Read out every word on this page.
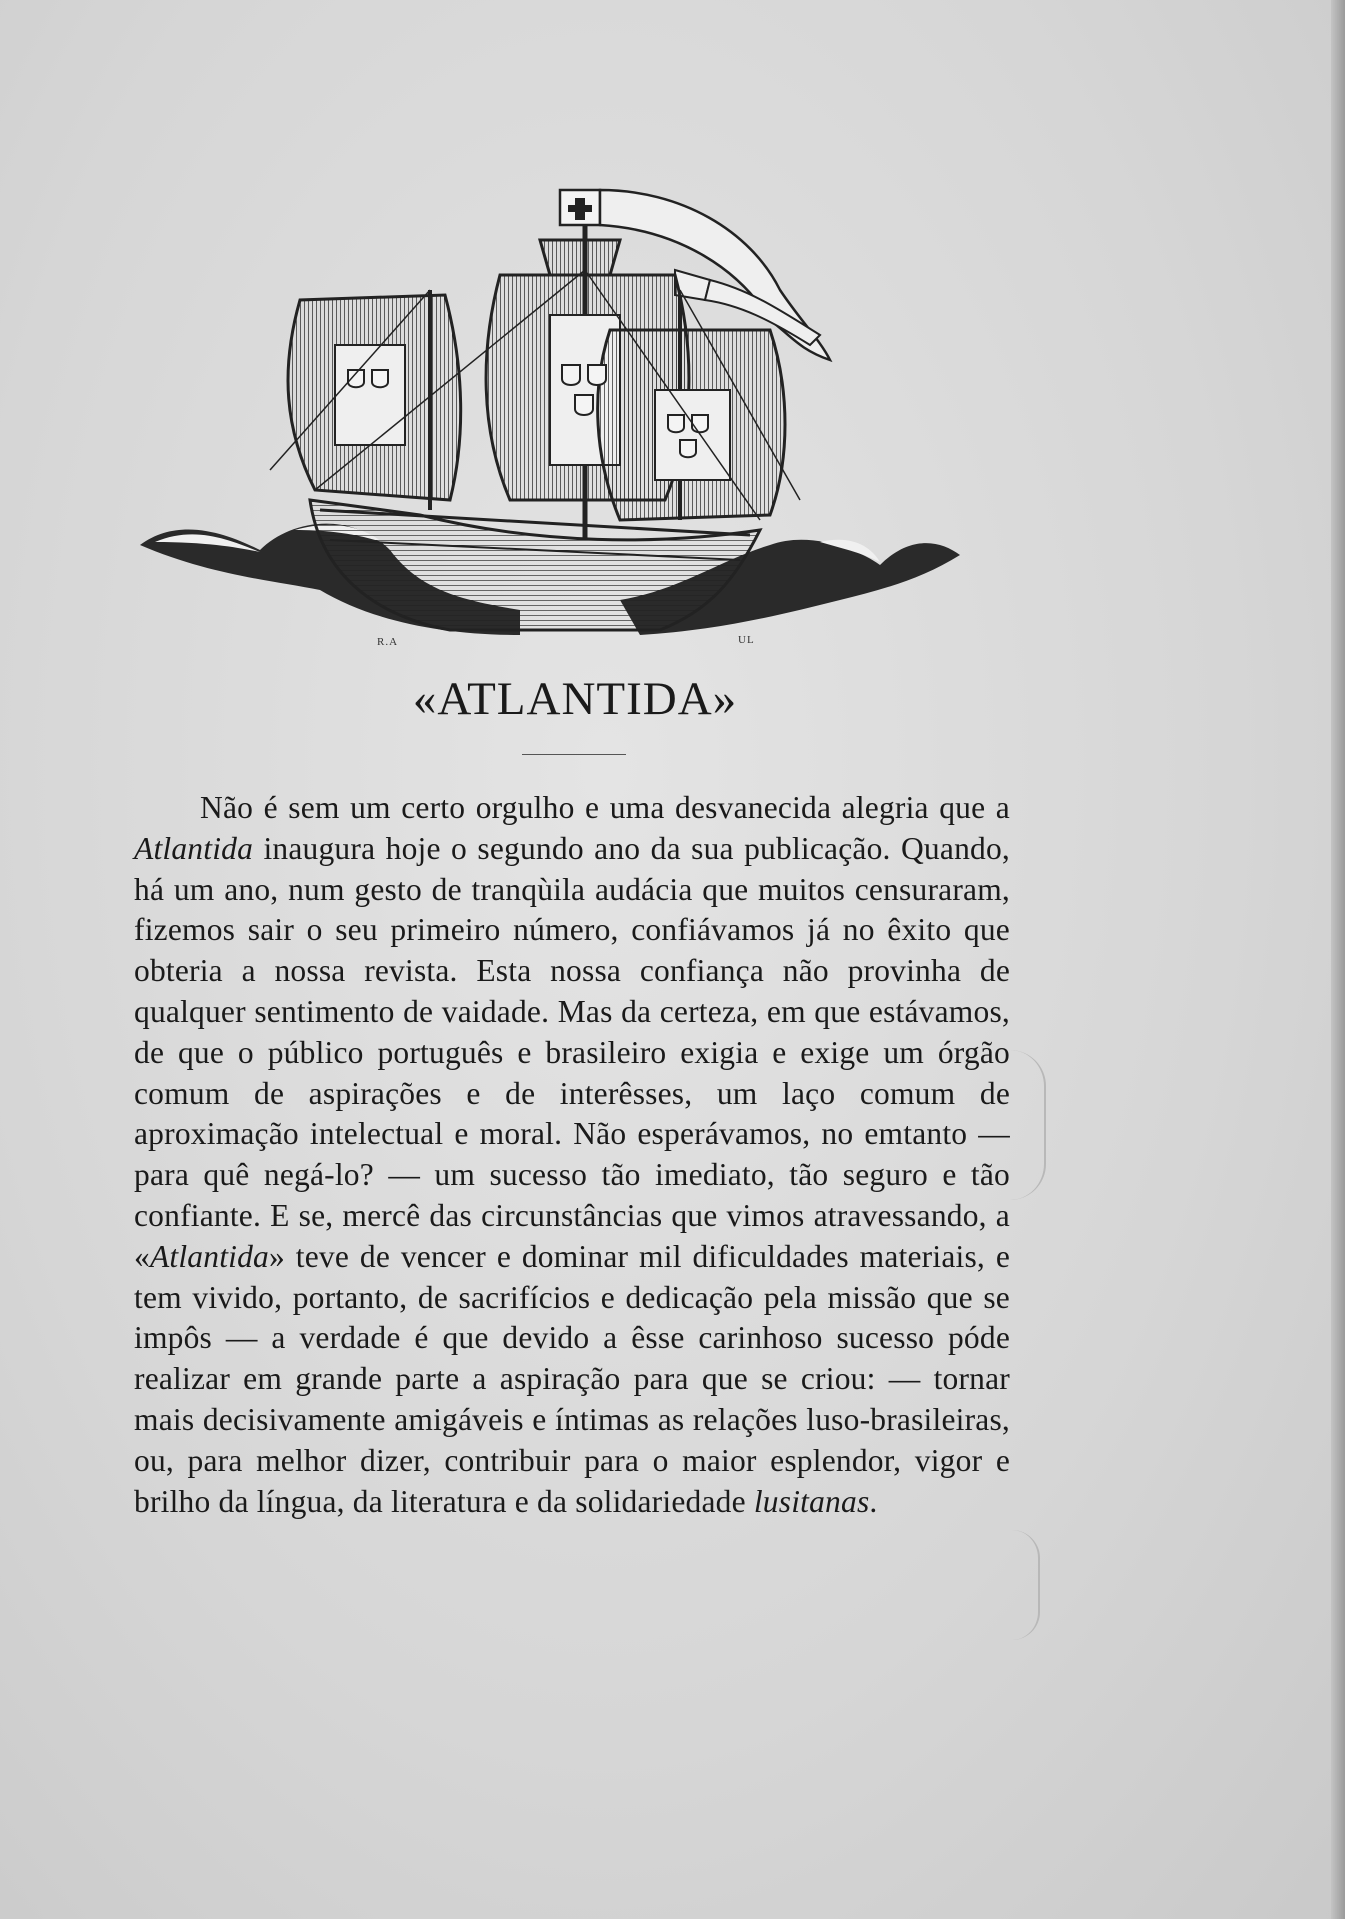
R.A	UL
«ATLANTIDA»

Não é sem um certo orgulho e uma desvanecida alegria que a Atlantida inaugura hoje o segundo ano da sua publicação. Quando, há um ano, num gesto de tranqùila audácia que muitos censuraram, fizemos sair o seu primeiro número, confiávamos já no êxito que obteria a nossa revista. Esta nossa confiança não provinha de qualquer sentimento de vaidade. Mas da certeza, em que estávamos, de que o público português e brasileiro exigia e exige um órgão comum de aspirações e de interêsses, um laço comum de aproximação intelectual e moral. Não esperávamos, no emtanto — para quê negá-lo? — um sucesso tão imediato, tão seguro e tão confiante. E se, mercê das circunstâncias que vimos atravessando, a «Atlantida» teve de vencer e dominar mil dificuldades materiais, e tem vivido, portanto, de sacrifícios e dedicação pela missão que se impôs — a verdade é que devido a êsse carinhoso sucesso póde realizar em grande parte a aspiração para que se criou: — tornar mais decisivamente amigáveis e íntimas as relações luso-brasileiras, ou, para melhor dizer, contribuir para o maior esplendor, vigor e brilho da língua, da literatura e da solidariedade lusitanas.
